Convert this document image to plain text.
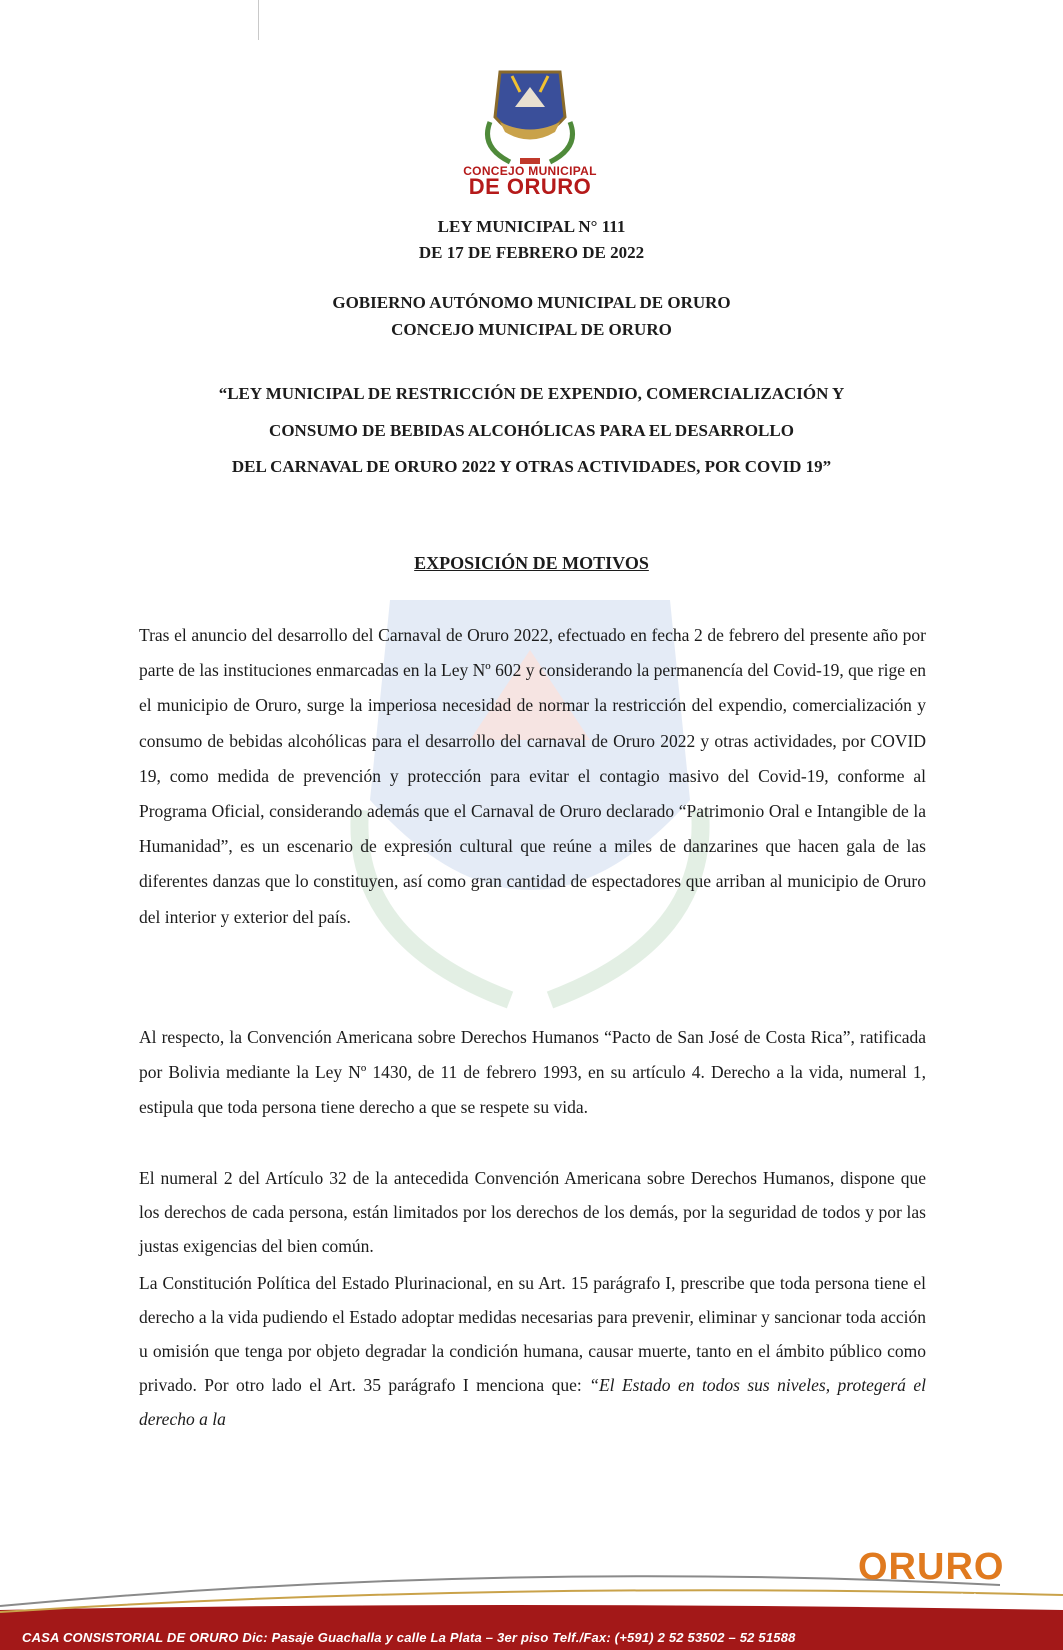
CONCEJO MUNICIPAL
DE ORURO
LEY MUNICIPAL N° 111
DE 17 DE FEBRERO DE 2022
GOBIERNO AUTÓNOMO MUNICIPAL DE ORURO
CONCEJO MUNICIPAL DE ORURO
“LEY MUNICIPAL DE RESTRICCIÓN DE EXPENDIO, COMERCIALIZACIÓN Y
CONSUMO DE BEBIDAS ALCOHÓLICAS PARA EL DESARROLLO
DEL CARNAVAL DE ORURO 2022 Y OTRAS ACTIVIDADES, POR COVID 19”
EXPOSICIÓN DE MOTIVOS

Tras el anuncio del desarrollo del Carnaval de Oruro 2022, efectuado en fecha 2 de febrero del presente año por parte de las instituciones enmarcadas en la Ley Nº 602 y considerando la permanencía del Covid-19, que rige en el municipio de Oruro, surge la imperiosa necesidad de normar la restricción del expendio, comercialización y consumo de bebidas alcohólicas para el desarrollo del carnaval de Oruro 2022 y otras actividades, por COVID 19, como medida de prevención y protección para evitar el contagio masivo del Covid-19, conforme al Programa Oficial, considerando además que el Carnaval de Oruro declarado “Patrimonio Oral e Intangible de la Humanidad”, es un escenario de expresión cultural que reúne a miles de danzarines que hacen gala de las diferentes danzas que lo constituyen, así como gran cantidad de espectadores que arriban al municipio de Oruro del interior y exterior del país.

Al respecto, la Convención Americana sobre Derechos Humanos “Pacto de San José de Costa Rica”, ratificada por Bolivia mediante la Ley Nº 1430, de 11 de febrero 1993, en su artículo 4. Derecho a la vida, numeral 1, estipula que toda persona tiene derecho a que se respete su vida.

El numeral 2 del Artículo 32 de la antecedida Convención Americana sobre Derechos Humanos, dispone que los derechos de cada persona, están limitados por los derechos de los demás, por la seguridad de todos y por las justas exigencias del bien común.

La Constitución Política del Estado Plurinacional, en su Art. 15 parágrafo I, prescribe que toda persona tiene el derecho a la vida pudiendo el Estado adoptar medidas necesarias para prevenir, eliminar y sancionar toda acción u omisión que tenga por objeto degradar la condición humana, causar muerte, tanto en el ámbito público como privado. Por otro lado el Art. 35 parágrafo I menciona que: “El Estado en todos sus niveles, protegerá el derecho a la

ORURO
Te quiero grande !
CASA CONSISTORIAL DE ORURO Dic: Pasaje Guachalla y calle La Plata – 3er piso Telf./Fax: (+591) 2 52 53502 – 52 51588
